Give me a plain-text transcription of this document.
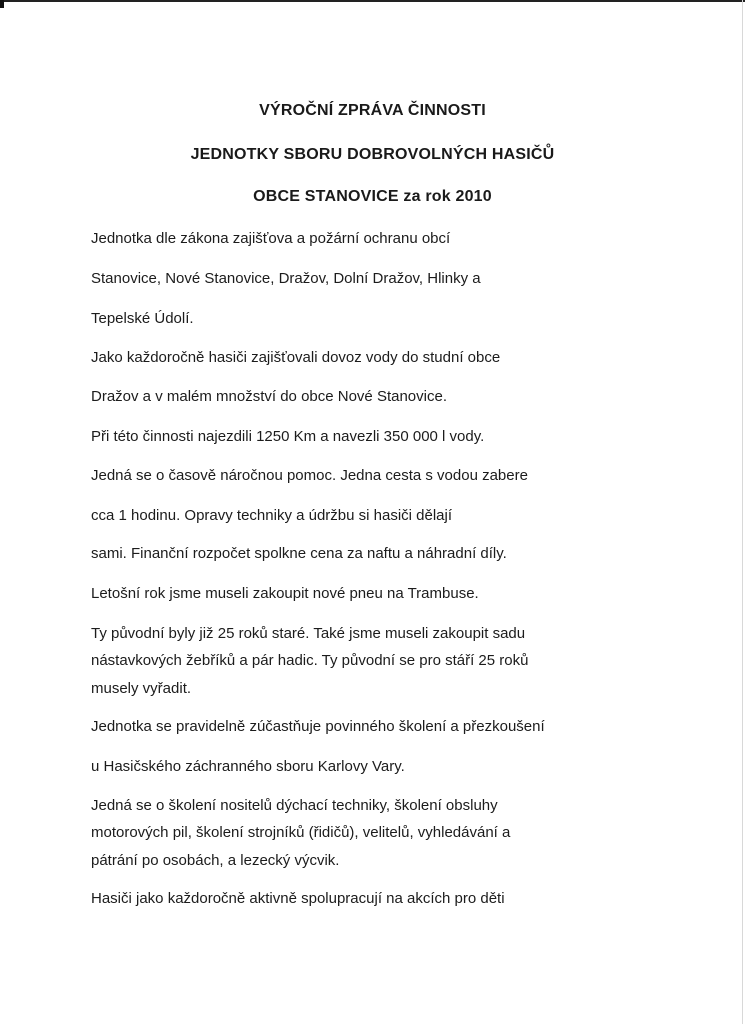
VÝROČNÍ ZPRÁVA ČINNOSTI
JEDNOTKY SBORU DOBROVOLNÝCH HASIČŮ
OBCE STANOVICE za rok 2010
Jednotka dle zákona zajišťova a požární ochranu obcí
Stanovice, Nové Stanovice, Dražov, Dolní Dražov, Hlinky a
Tepelské Údolí.
Jako každoročně hasiči zajišťovali dovoz vody do studní obce
Dražov a v malém množství do obce Nové Stanovice.
Při této činnosti najezdili 1250 Km a navezli 350 000 l vody.
Jedná se o časově náročnou pomoc. Jedna cesta s vodou zabere
cca 1 hodinu. Opravy techniky a údržbu si hasiči dělají
sami. Finanční rozpočet spolkne cena za naftu a náhradní díly.
Letošní rok jsme museli zakoupit nové pneu na Trambuse.
Ty původní byly již 25 roků staré. Také jsme museli zakoupit sadu
nástavkových žebříků a pár hadic. Ty původní se pro stáří 25 roků
musely vyřadit.
Jednotka se pravidelně zúčastňuje povinného školení a přezkoušení
u Hasičského záchranného sboru Karlovy Vary.
Jedná se o školení nositelů dýchací techniky, školení obsluhy
motorových pil, školení strojníků (řidičů), velitelů, vyhledávání a
pátrání po osobách, a lezecký výcvik.
Hasiči jako každoročně aktivně spolupracují na akcích pro děti
